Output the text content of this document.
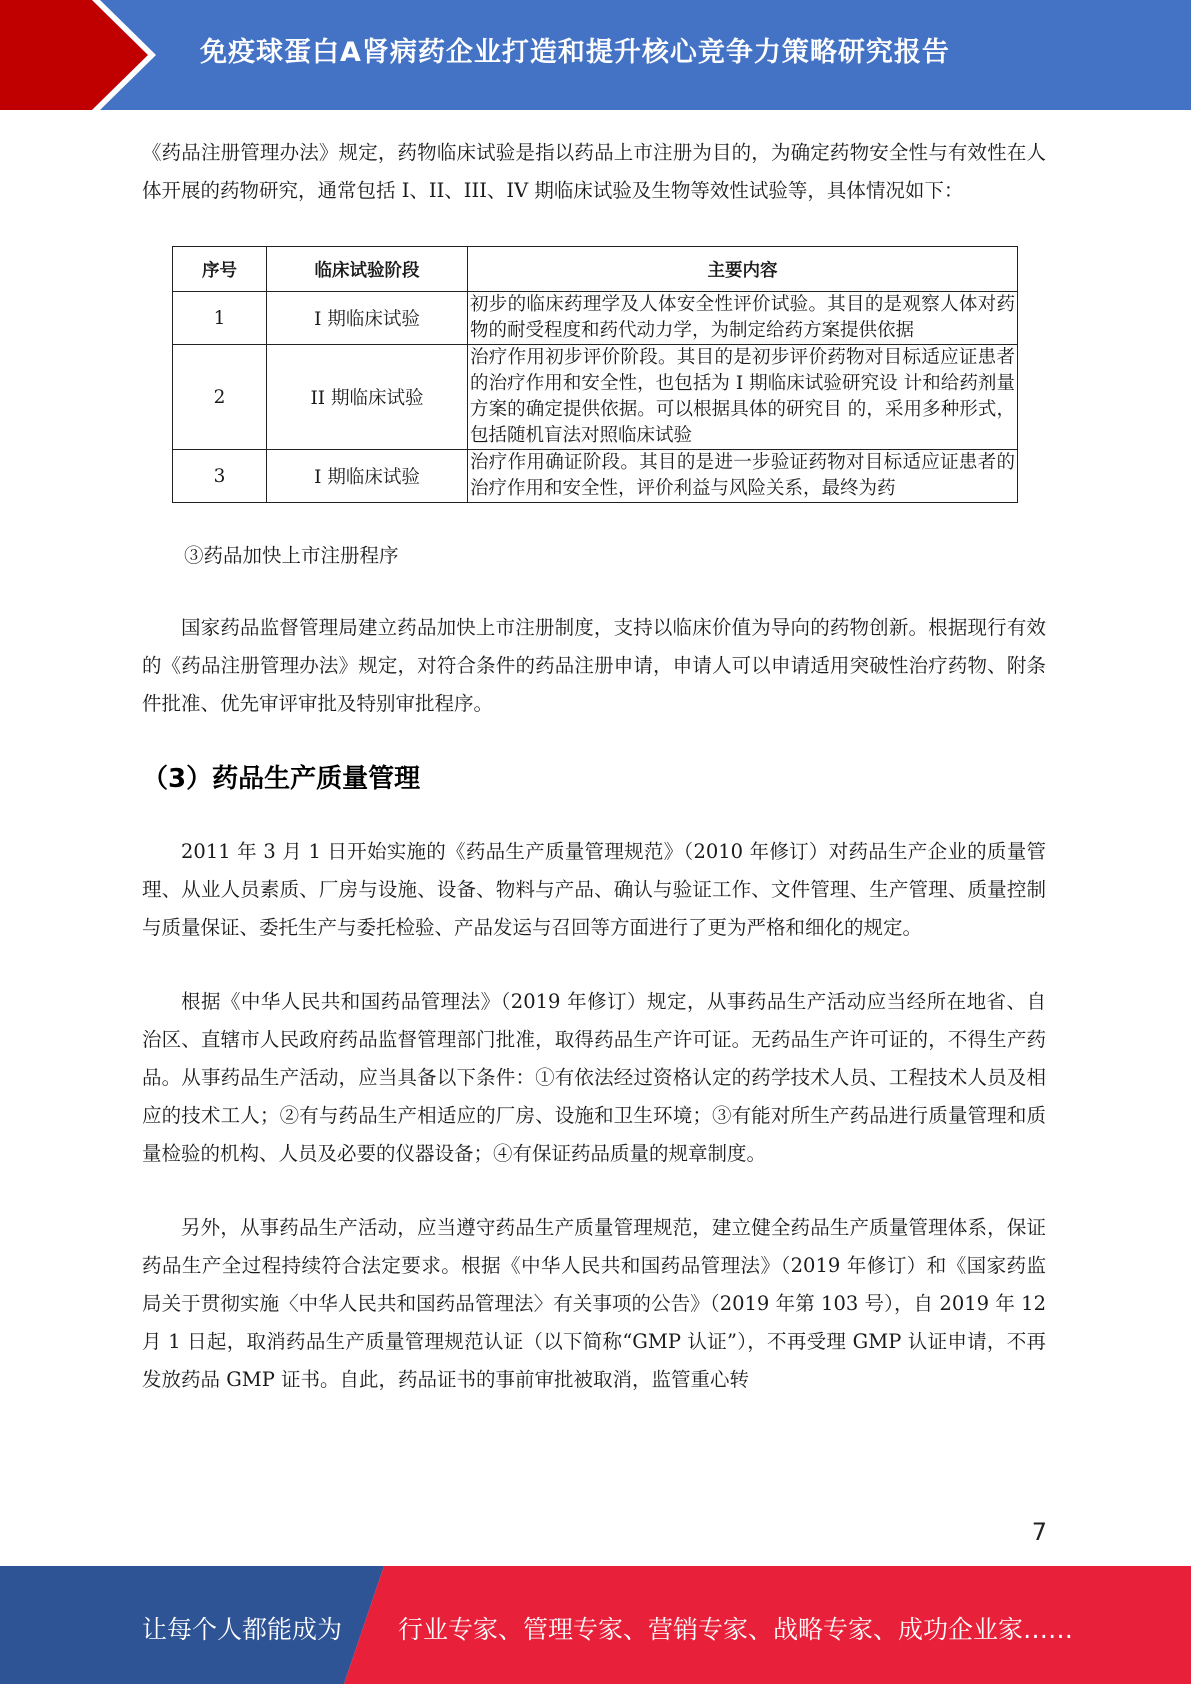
免疫球蛋白A肾病药企业打造和提升核心竞争力策略研究报告

《药品注册管理办法》规定，药物临床试验是指以药品上市注册为目的，为确定药物安全性与有效性在人体开展的药物研究，通常包括 I、II、III、IV 期临床试验及生物等效性试验等，具体情况如下：

序号	临床试验阶段	主要内容
1	I 期临床试验	初步的临床药理学及人体安全性评价试验。其目的是观察人体对药物的耐受程度和药代动力学，为制定给药方案提供依据
2	II 期临床试验	治疗作用初步评价阶段。其目的是初步评价药物对目标适应证患者的治疗作用和安全性，也包括为 I 期临床试验研究设 计和给药剂量方案的确定提供依据。可以根据具体的研究目 的，采用多种形式，包括随机盲法对照临床试验
3	I 期临床试验	治疗作用确证阶段。其目的是进一步验证药物对目标适应证患者的治疗作用和安全性，评价利益与风险关系，最终为药

③药品加快上市注册程序

国家药品监督管理局建立药品加快上市注册制度，支持以临床价值为导向的药物创新。根据现行有效的《药品注册管理办法》规定，对符合条件的药品注册申请，申请人可以申请适用突破性治疗药物、附条件批准、优先审评审批及特别审批程序。

（3）药品生产质量管理

2011 年 3 月 1 日开始实施的《药品生产质量管理规范》（2010 年修订）对药品生产企业的质量管理、从业人员素质、厂房与设施、设备、物料与产品、确认与验证工作、文件管理、生产管理、质量控制与质量保证、委托生产与委托检验、产品发运与召回等方面进行了更为严格和细化的规定。

根据《中华人民共和国药品管理法》（2019 年修订）规定，从事药品生产活动应当经所在地省、自治区、直辖市人民政府药品监督管理部门批准，取得药品生产许可证。无药品生产许可证的，不得生产药品。从事药品生产活动，应当具备以下条件：①有依法经过资格认定的药学技术人员、工程技术人员及相应的技术工人；②有与药品生产相适应的厂房、设施和卫生环境；③有能对所生产药品进行质量管理和质量检验的机构、人员及必要的仪器设备；④有保证药品质量的规章制度。

另外，从事药品生产活动，应当遵守药品生产质量管理规范，建立健全药品生产质量管理体系，保证药品生产全过程持续符合法定要求。根据《中华人民共和国药品管理法》（2019 年修订）和《国家药监局关于贯彻实施〈中华人民共和国药品管理法〉有关事项的公告》（2019 年第 103 号），自 2019 年 12 月 1 日起，取消药品生产质量管理规范认证（以下简称“GMP 认证”），不再受理 GMP 认证申请，不再发放药品 GMP 证书。自此，药品证书的事前审批被取消，监管重心转

7
让每个人都能成为 行业专家、管理专家、营销专家、战略专家、成功企业家……
